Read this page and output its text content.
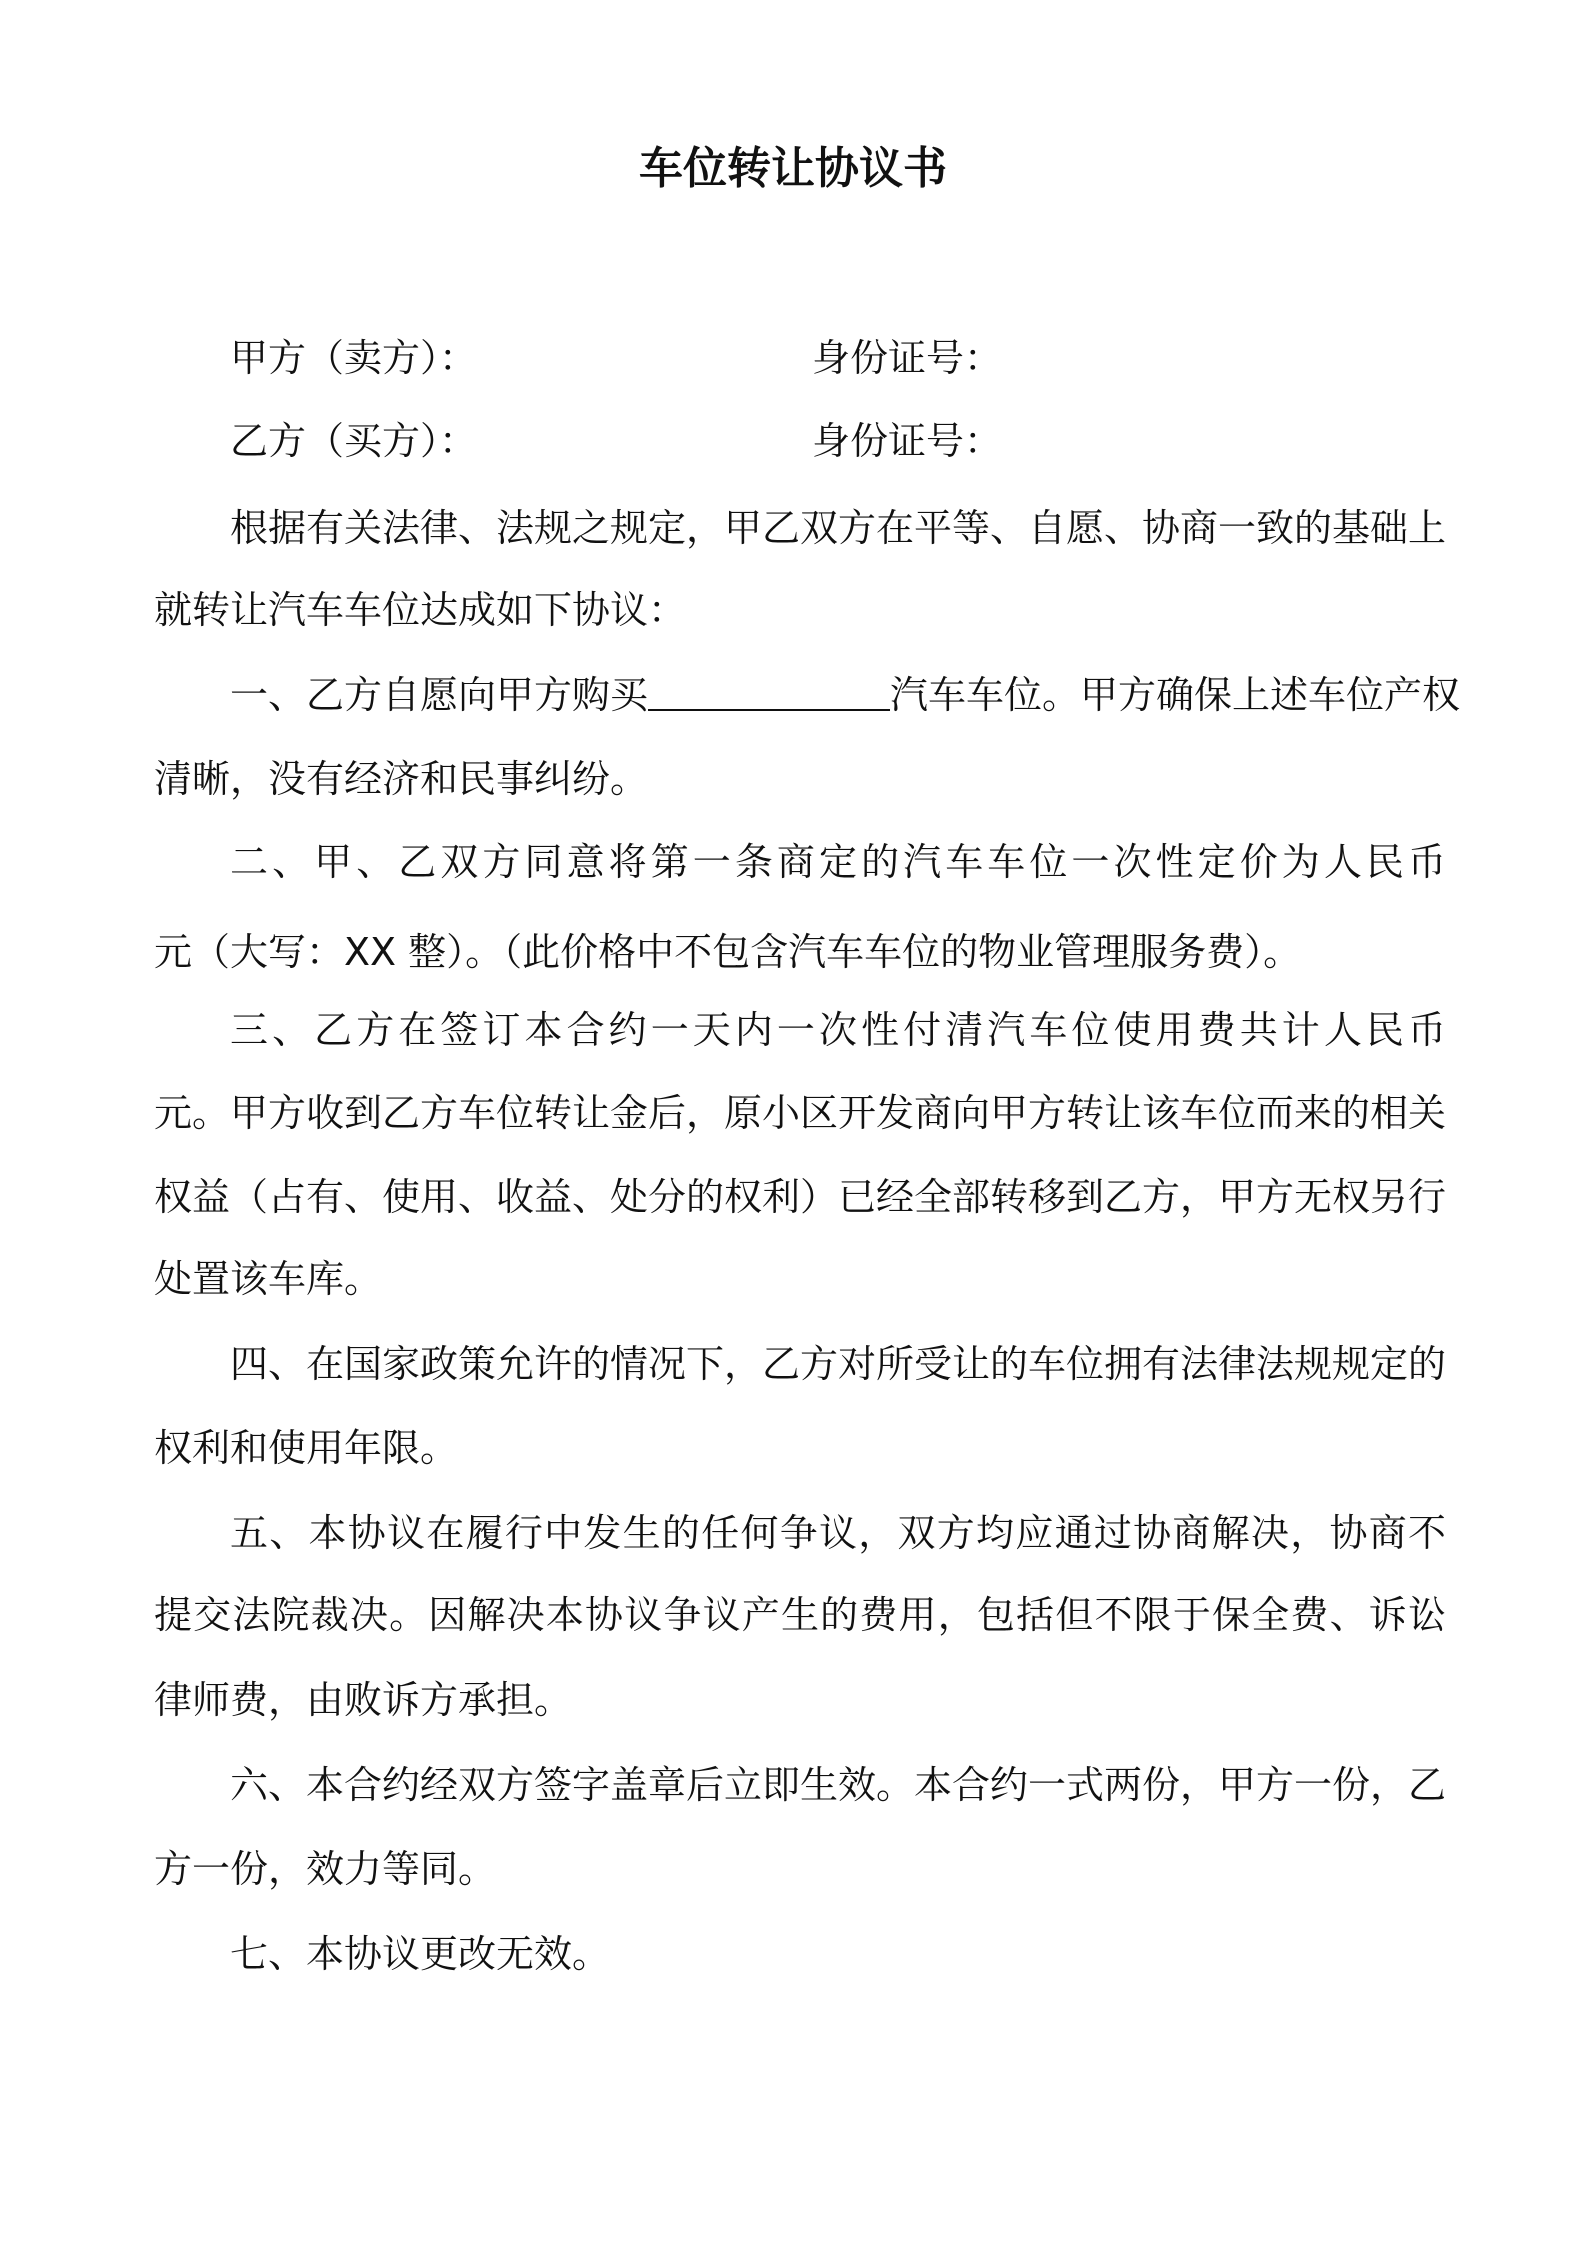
车位转让协议书
甲方（卖方）：	身份证号：
乙方（买方）：	身份证号：
根据有关法律、法规之规定，甲乙双方在平等、自愿、协商一致的基础上
就转让汽车车位达成如下协议：
一、乙方自愿向甲方购买	汽车车位。甲方确保上述车位产权
清晰，没有经济和民事纠纷。
二、甲、乙双方同意将第一条商定的汽车车位一次性定价为人民币
元（大写：XX 整）。（此价格中不包含汽车车位的物业管理服务费）。
三、乙方在签订本合约一天内一次性付清汽车位使用费共计人民币
元。甲方收到乙方车位转让金后，原小区开发商向甲方转让该车位而来的相关
权益（占有、使用、收益、处分的权利）已经全部转移到乙方，甲方无权另行
处置该车库。
四、在国家政策允许的情况下，乙方对所受让的车位拥有法律法规规定的
权利和使用年限。
五、本协议在履行中发生的任何争议，双方均应通过协商解决，协商不
提交法院裁决。因解决本协议争议产生的费用，包括但不限于保全费、诉讼
律师费，由败诉方承担。
六、本合约经双方签字盖章后立即生效。本合约一式两份，甲方一份，乙
方一份，效力等同。
七、本协议更改无效。
